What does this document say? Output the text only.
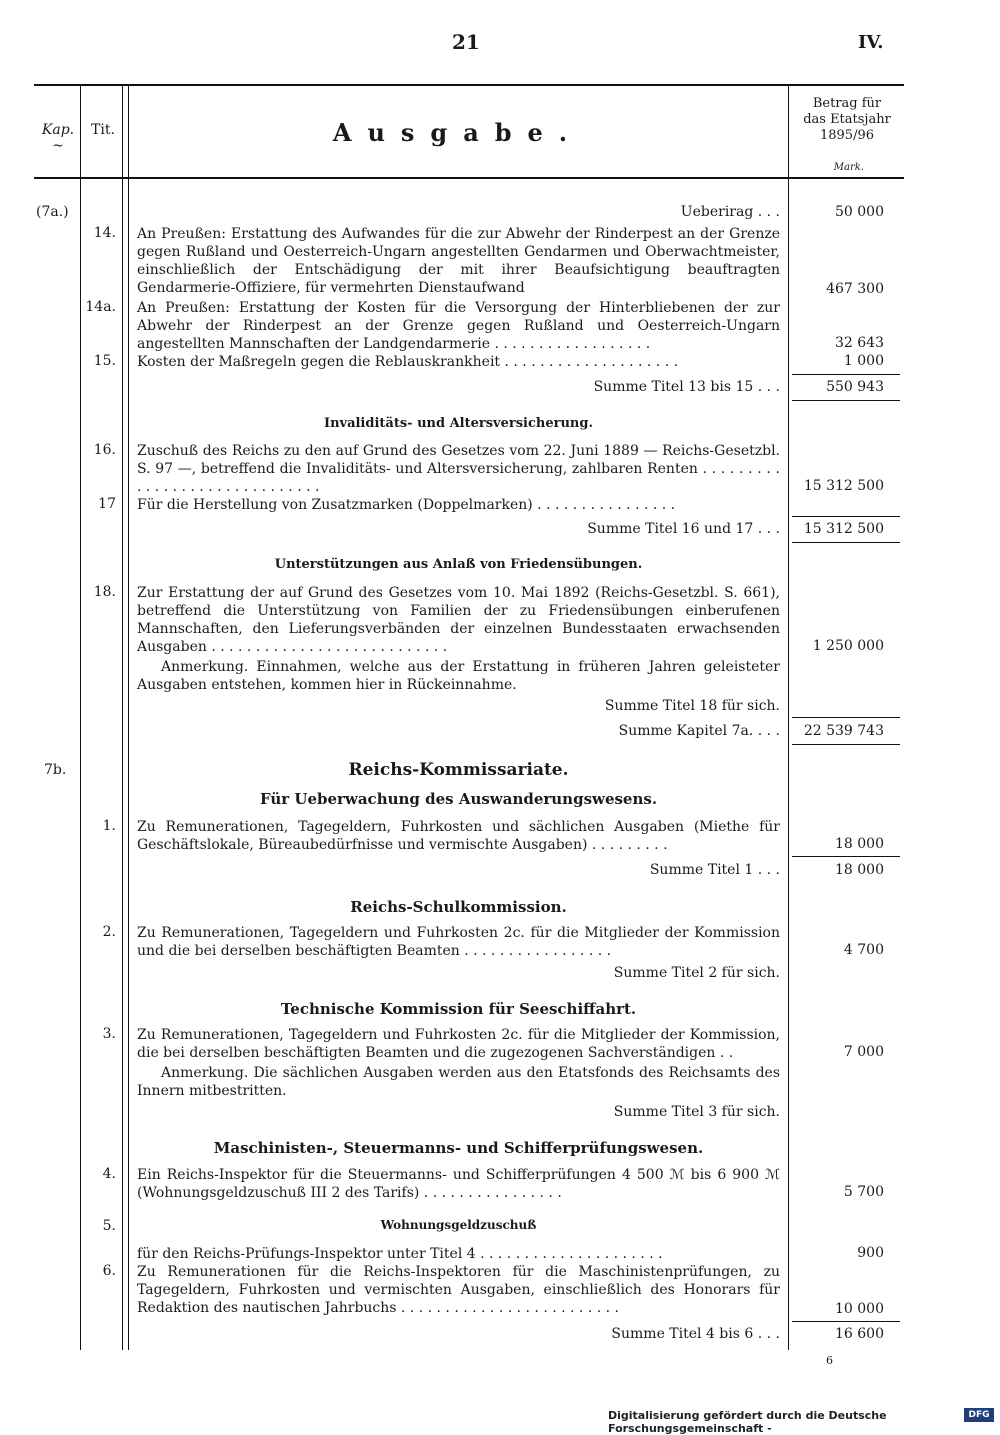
21	IV.
Kap.
~
Tit.	Ausgabe.
Betrag für
das Etatsjahr
1895/96
Mark.
(7a.)	Ueberirag . . .	50 000
14. An Preußen: Erstattung des Aufwandes für die zur Abwehr der Rinderpest an der Grenze gegen Rußland und Oesterreich-Ungarn angestellten Gendarmen und Oberwachtmeister, einschließlich der Entschädigung der mit ihrer Beaufsichtigung beauftragten Gendarmerie-Offiziere, für vermehrten Dienstaufwand	467 300
14a. An Preußen: Erstattung der Kosten für die Versorgung der Hinterbliebenen der zur Abwehr der Rinderpest an der Grenze gegen Rußland und Oesterreich-Ungarn angestellten Mannschaften der Landgendarmerie . . . . . . . . . . . . . . . . . .	32 643
15. Kosten der Maßregeln gegen die Reblauskrankheit . . . . . . . . . . . . . . . . . . . .	1 000
Summe Titel 13 bis 15 . . .	550 943
Invaliditäts- und Altersversicherung.
16. Zuschuß des Reichs zu den auf Grund des Gesetzes vom 22. Juni 1889 — Reichs-Gesetzbl. S. 97 —, betreffend die Invaliditäts- und Altersversicherung, zahlbaren Renten . . . . . . . . . . . . . . . . . . . . . . . . . . . . . .	15 312 500
17 Für die Herstellung von Zusatzmarken (Doppelmarken) . . . . . . . . . . . . . . . .
Summe Titel 16 und 17 . . .	15 312 500
Unterstützungen aus Anlaß von Friedensübungen.
18. Zur Erstattung der auf Grund des Gesetzes vom 10. Mai 1892 (Reichs-Gesetzbl. S. 661), betreffend die Unterstützung von Familien der zu Friedensübungen einberufenen Mannschaften, den Lieferungsverbänden der einzelnen Bundesstaaten erwachsenden Ausgaben . . . . . . . . . . . . . . . . . . . . . . . . . . .	1 250 000
Anmerkung. Einnahmen, welche aus der Erstattung in früheren Jahren geleisteter Ausgaben entstehen, kommen hier in Rückeinnahme.
Summe Titel 18 für sich.
Summe Kapitel 7a. . . .	22 539 743
7b.	Reichs-Kommissariate.
Für Ueberwachung des Auswanderungswesens.
1. Zu Remunerationen, Tagegeldern, Fuhrkosten und sächlichen Ausgaben (Miethe für Geschäftslokale, Büreaubedürfnisse und vermischte Ausgaben) . . . . . . . . .	18 000
Summe Titel 1 . . .	18 000
Reichs-Schulkommission.
2. Zu Remunerationen, Tagegeldern und Fuhrkosten 2c. für die Mitglieder der Kommission und die bei derselben beschäftigten Beamten . . . . . . . . . . . . . . . . .	4 700
Summe Titel 2 für sich.
Technische Kommission für Seeschiffahrt.
3. Zu Remunerationen, Tagegeldern und Fuhrkosten 2c. für die Mitglieder der Kommission, die bei derselben beschäftigten Beamten und die zugezogenen Sachverständigen . .	7 000
Anmerkung. Die sächlichen Ausgaben werden aus den Etatsfonds des Reichsamts des Innern mitbestritten.
Summe Titel 3 für sich.
Maschinisten-, Steuermanns- und Schifferprüfungswesen.
4. Ein Reichs-Inspektor für die Steuermanns- und Schifferprüfungen 4 500 ℳ bis 6 900 ℳ (Wohnungsgeldzuschuß III 2 des Tarifs) . . . . . . . . . . . . . . . .	5 700
5.	Wohnungsgeldzuschuß
für den Reichs-Prüfungs-Inspektor unter Titel 4 . . . . . . . . . . . . . . . . . . . . .	900
6. Zu Remunerationen für die Reichs-Inspektoren für die Maschinistenprüfungen, zu Tagegeldern, Fuhrkosten und vermischten Ausgaben, einschließlich des Honorars für Redaktion des nautischen Jahrbuchs . . . . . . . . . . . . . . . . . . . . . . . . .	10 000
Summe Titel 4 bis 6 . . .	16 600
6
Digitalisierung gefördert durch die Deutsche Forschungsgemeinschaft -
DFG
